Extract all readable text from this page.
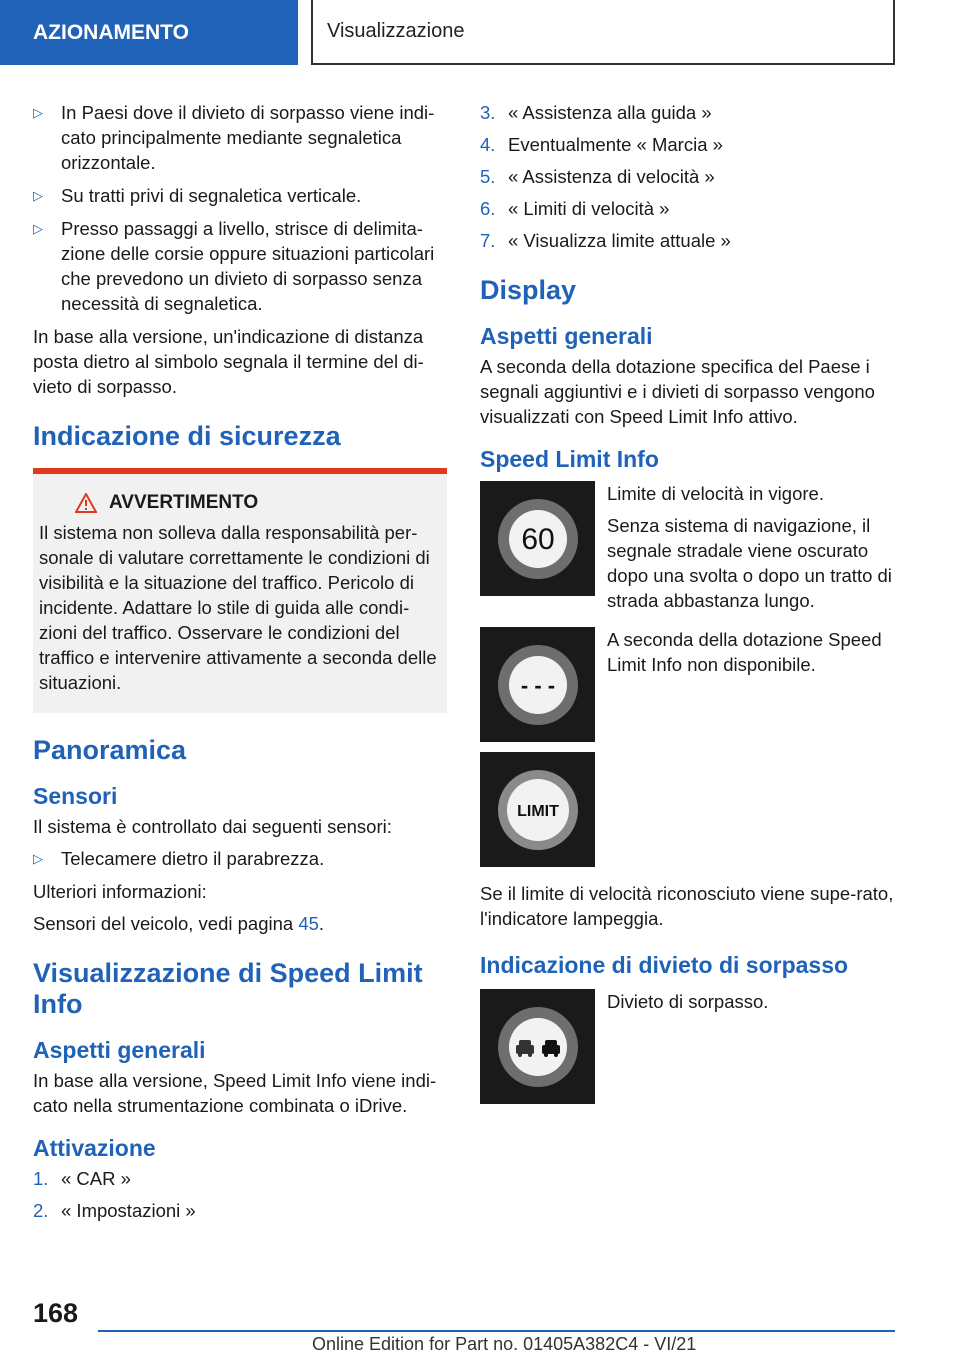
AZIONAMENTO	Visualizzazione
▷ In Paesi dove il divieto di sorpasso viene indi-cato principalmente mediante segnaletica orizzontale.
▷ Su tratti privi di segnaletica verticale.
▷ Presso passaggi a livello, strisce di delimita-zione delle corsie oppure situazioni particolari che prevedono un divieto di sorpasso senza necessità di segnaletica.

In base alla versione, un'indicazione di distanza posta dietro al simbolo segnala il termine del di-vieto di sorpasso.

Indicazione di sicurezza
AVVERTIMENTO

Il sistema non solleva dalla responsabilità per-sonale di valutare correttamente le condizioni di visibilità e la situazione del traffico. Pericolo di incidente. Adattare lo stile di guida alle condi-zioni del traffico. Osservare le condizioni del traffico e intervenire attivamente a seconda delle situazioni.

Panoramica
Sensori

Il sistema è controllato dai seguenti sensori:

▷ Telecamere dietro il parabrezza.

Ulteriori informazioni:

Sensori del veicolo, vedi pagina 45.

Visualizzazione di Speed Limit Info
Aspetti generali

In base alla versione, Speed Limit Info viene indi-cato nella strumentazione combinata o iDrive.

Attivazione
1. « CAR »
2. « Impostazioni »
3. « Assistenza alla guida »
4. Eventualmente « Marcia »
5. « Assistenza di velocità »
6. « Limiti di velocità »
7. « Visualizza limite attuale »
Display
Aspetti generali

A seconda della dotazione specifica del Paese i segnali aggiuntivi e i divieti di sorpasso vengono visualizzati con Speed Limit Info attivo.

Speed Limit Info
60
Limite di velocità in vigore.
Senza sistema di navigazione, il segnale stradale viene oscurato dopo una svolta o dopo un tratto di strada abbastanza lungo.
- - -
A seconda della dotazione Speed Limit Info non disponibile.
LIMIT

Se il limite di velocità riconosciuto viene supe-rato, l'indicatore lampeggia.

Indicazione di divieto di sorpasso
Divieto di sorpasso.
168
Online Edition for Part no. 01405A382C4 - VI/21
